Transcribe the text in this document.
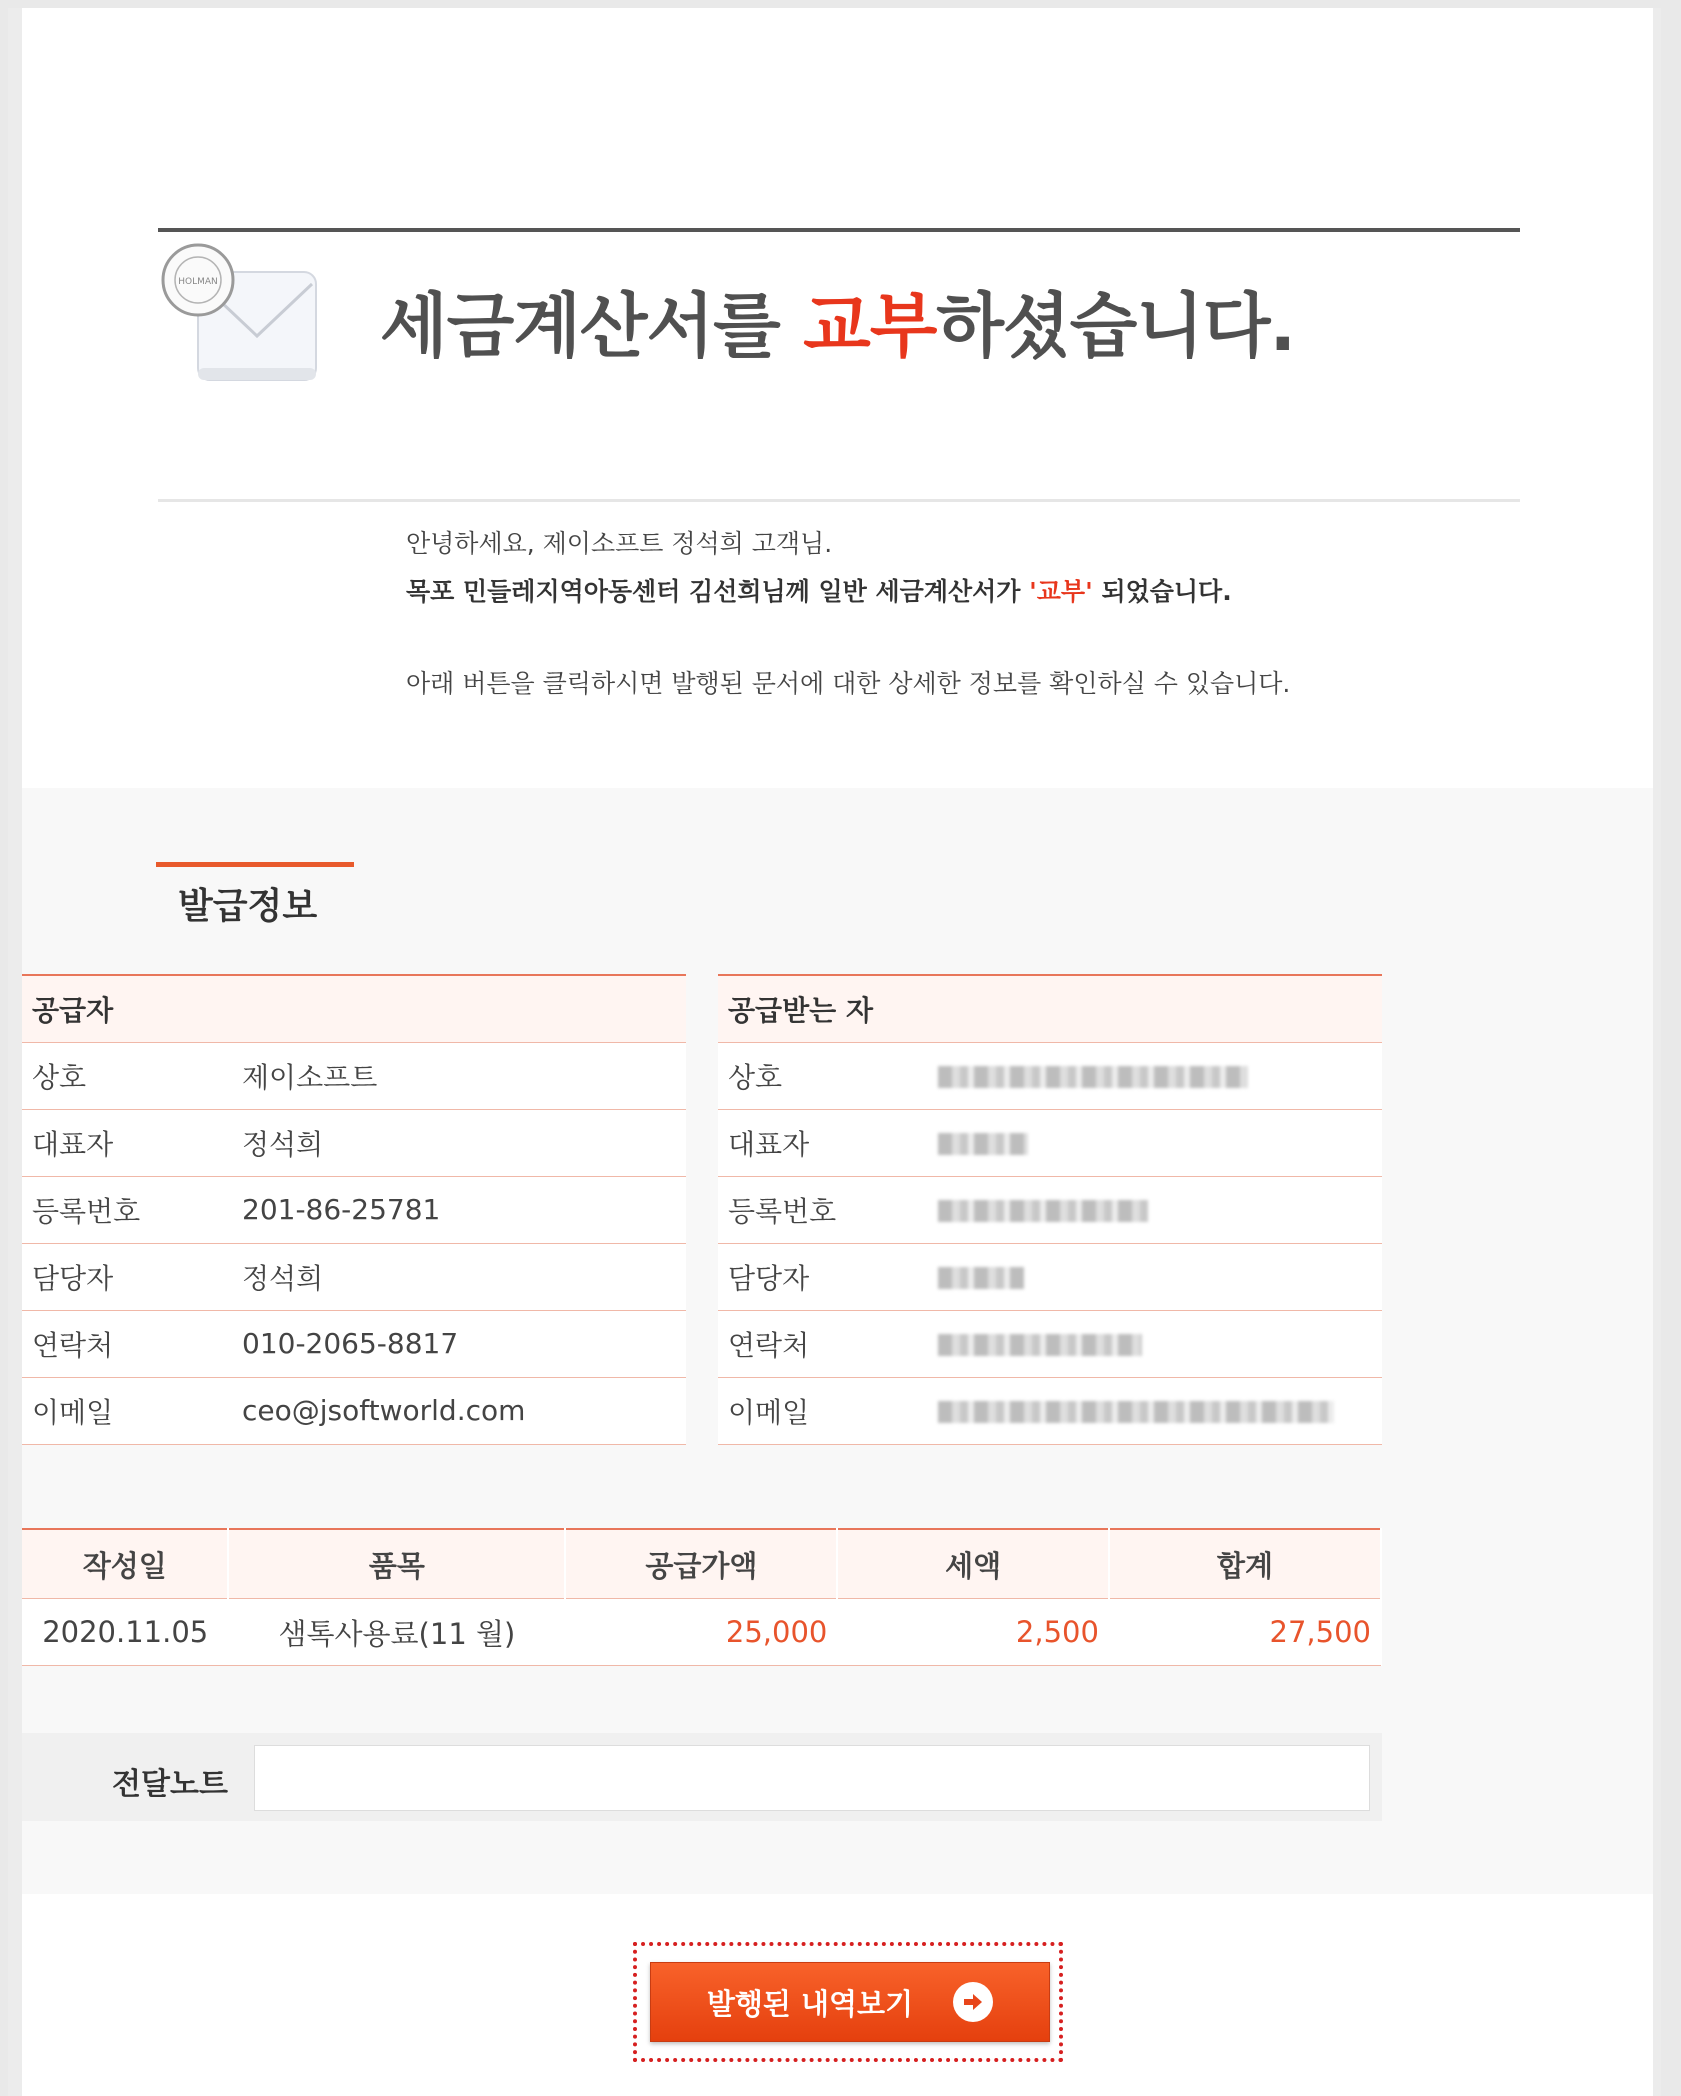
HOLMAN
세금계산서를 교부하셨습니다.
안녕하세요, 제이소프트 정석희 고객님.
목포 민들레지역아동센터 김선희님께 일반 세금계산서가 '교부' 되었습니다.
아래 버튼을 클릭하시면 발행된 문서에 대한 상세한 정보를 확인하실 수 있습니다.
발급정보
공급자	
상호	제이소프트
대표자	정석희
등록번호	201-86-25781
담당자	정석희
연락처	010-2065-8817
이메일	ceo@jsoftworld.com
공급받는 자	
상호	
대표자	
등록번호	
담당자	
연락처	
이메일	
작성일	품목	공급가액	세액	합계
2020.11.05	샘톡사용료(11 월)	25,000	2,500	27,500
전달노트
발행된 내역보기
